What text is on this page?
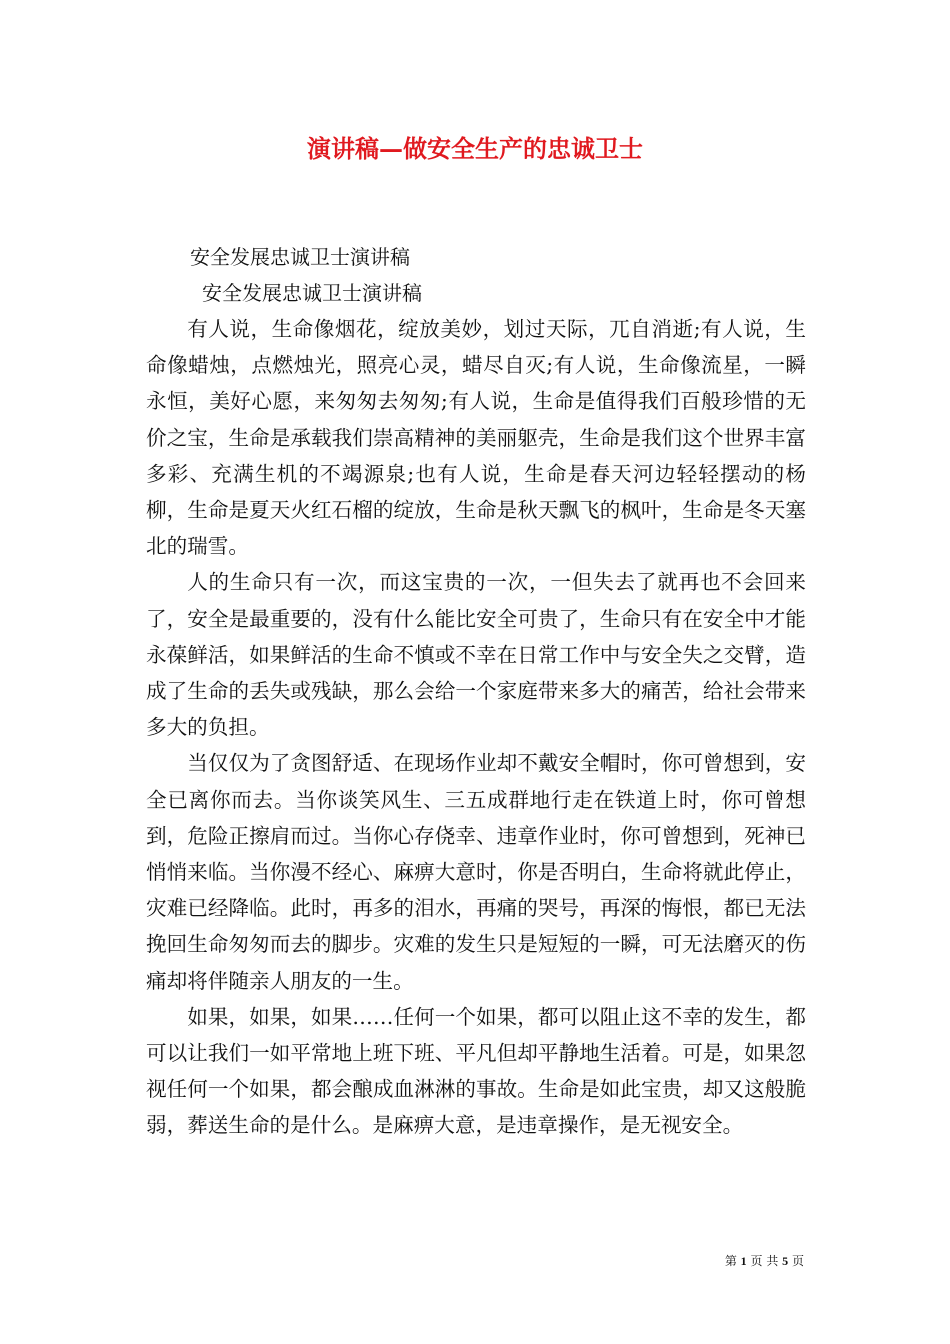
演讲稿—做安全生产的忠诚卫士
安全发展忠诚卫士演讲稿
安全发展忠诚卫士演讲稿

有人说，生命像烟花，绽放美妙，划过天际，兀自消逝;有人说，生命像蜡烛，点燃烛光，照亮心灵，蜡尽自灭;有人说，生命像流星，一瞬永恒，美好心愿，来匆匆去匆匆;有人说，生命是值得我们百般珍惜的无价之宝，生命是承载我们崇高精神的美丽躯壳，生命是我们这个世界丰富多彩、充满生机的不竭源泉;也有人说，生命是春天河边轻轻摆动的杨柳，生命是夏天火红石榴的绽放，生命是秋天飘飞的枫叶，生命是冬天塞北的瑞雪。

人的生命只有一次，而这宝贵的一次，一但失去了就再也不会回来了，安全是最重要的，没有什么能比安全可贵了，生命只有在安全中才能永葆鲜活，如果鲜活的生命不慎或不幸在日常工作中与安全失之交臂，造成了生命的丢失或残缺，那么会给一个家庭带来多大的痛苦，给社会带来多大的负担。

当仅仅为了贪图舒适、在现场作业却不戴安全帽时，你可曾想到，安全已离你而去。当你谈笑风生、三五成群地行走在铁道上时，你可曾想到，危险正擦肩而过。当你心存侥幸、违章作业时，你可曾想到，死神已悄悄来临。当你漫不经心、麻痹大意时，你是否明白，生命将就此停止，灾难已经降临。此时，再多的泪水，再痛的哭号，再深的悔恨，都已无法挽回生命匆匆而去的脚步。灾难的发生只是短短的一瞬，可无法磨灭的伤痛却将伴随亲人朋友的一生。

如果，如果，如果……任何一个如果，都可以阻止这不幸的发生，都可以让我们一如平常地上班下班、平凡但却平静地生活着。可是，如果忽视任何一个如果，都会酿成血淋淋的事故。生命是如此宝贵，却又这般脆弱，葬送生命的是什么。是麻痹大意，是违章操作，是无视安全。

第 1 页 共 5 页
